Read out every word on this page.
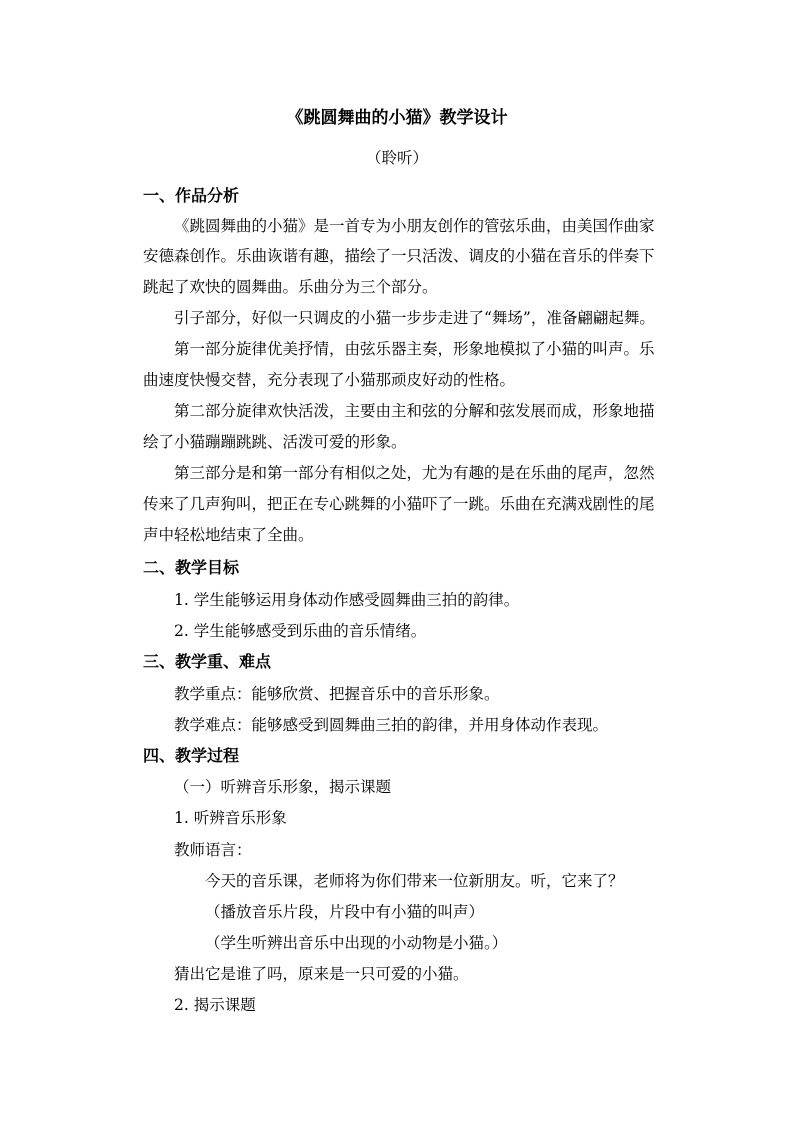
《跳圆舞曲的小猫》教学设计
（聆听）
一、作品分析
《跳圆舞曲的小猫》是一首专为小朋友创作的管弦乐曲，由美国作曲家
安德森创作。乐曲诙谐有趣，描绘了一只活泼、调皮的小猫在音乐的伴奏下
跳起了欢快的圆舞曲。乐曲分为三个部分。
引子部分，好似一只调皮的小猫一步步走进了“舞场”，准备翩翩起舞。
第一部分旋律优美抒情，由弦乐器主奏，形象地模拟了小猫的叫声。乐
曲速度快慢交替，充分表现了小猫那顽皮好动的性格。
第二部分旋律欢快活泼，主要由主和弦的分解和弦发展而成，形象地描
绘了小猫蹦蹦跳跳、活泼可爱的形象。
第三部分是和第一部分有相似之处，尤为有趣的是在乐曲的尾声，忽然
传来了几声狗叫，把正在专心跳舞的小猫吓了一跳。乐曲在充满戏剧性的尾
声中轻松地结束了全曲。
二、教学目标
1. 学生能够运用身体动作感受圆舞曲三拍的韵律。
2. 学生能够感受到乐曲的音乐情绪。
三、教学重、难点
教学重点：能够欣赏、把握音乐中的音乐形象。
教学难点：能够感受到圆舞曲三拍的韵律，并用身体动作表现。
四、教学过程
（一）听辨音乐形象，揭示课题
1. 听辨音乐形象
教师语言：
今天的音乐课，老师将为你们带来一位新朋友。听，它来了？
（播放音乐片段，片段中有小猫的叫声）
（学生听辨出音乐中出现的小动物是小猫。）
猜出它是谁了吗，原来是一只可爱的小猫。
2. 揭示课题
